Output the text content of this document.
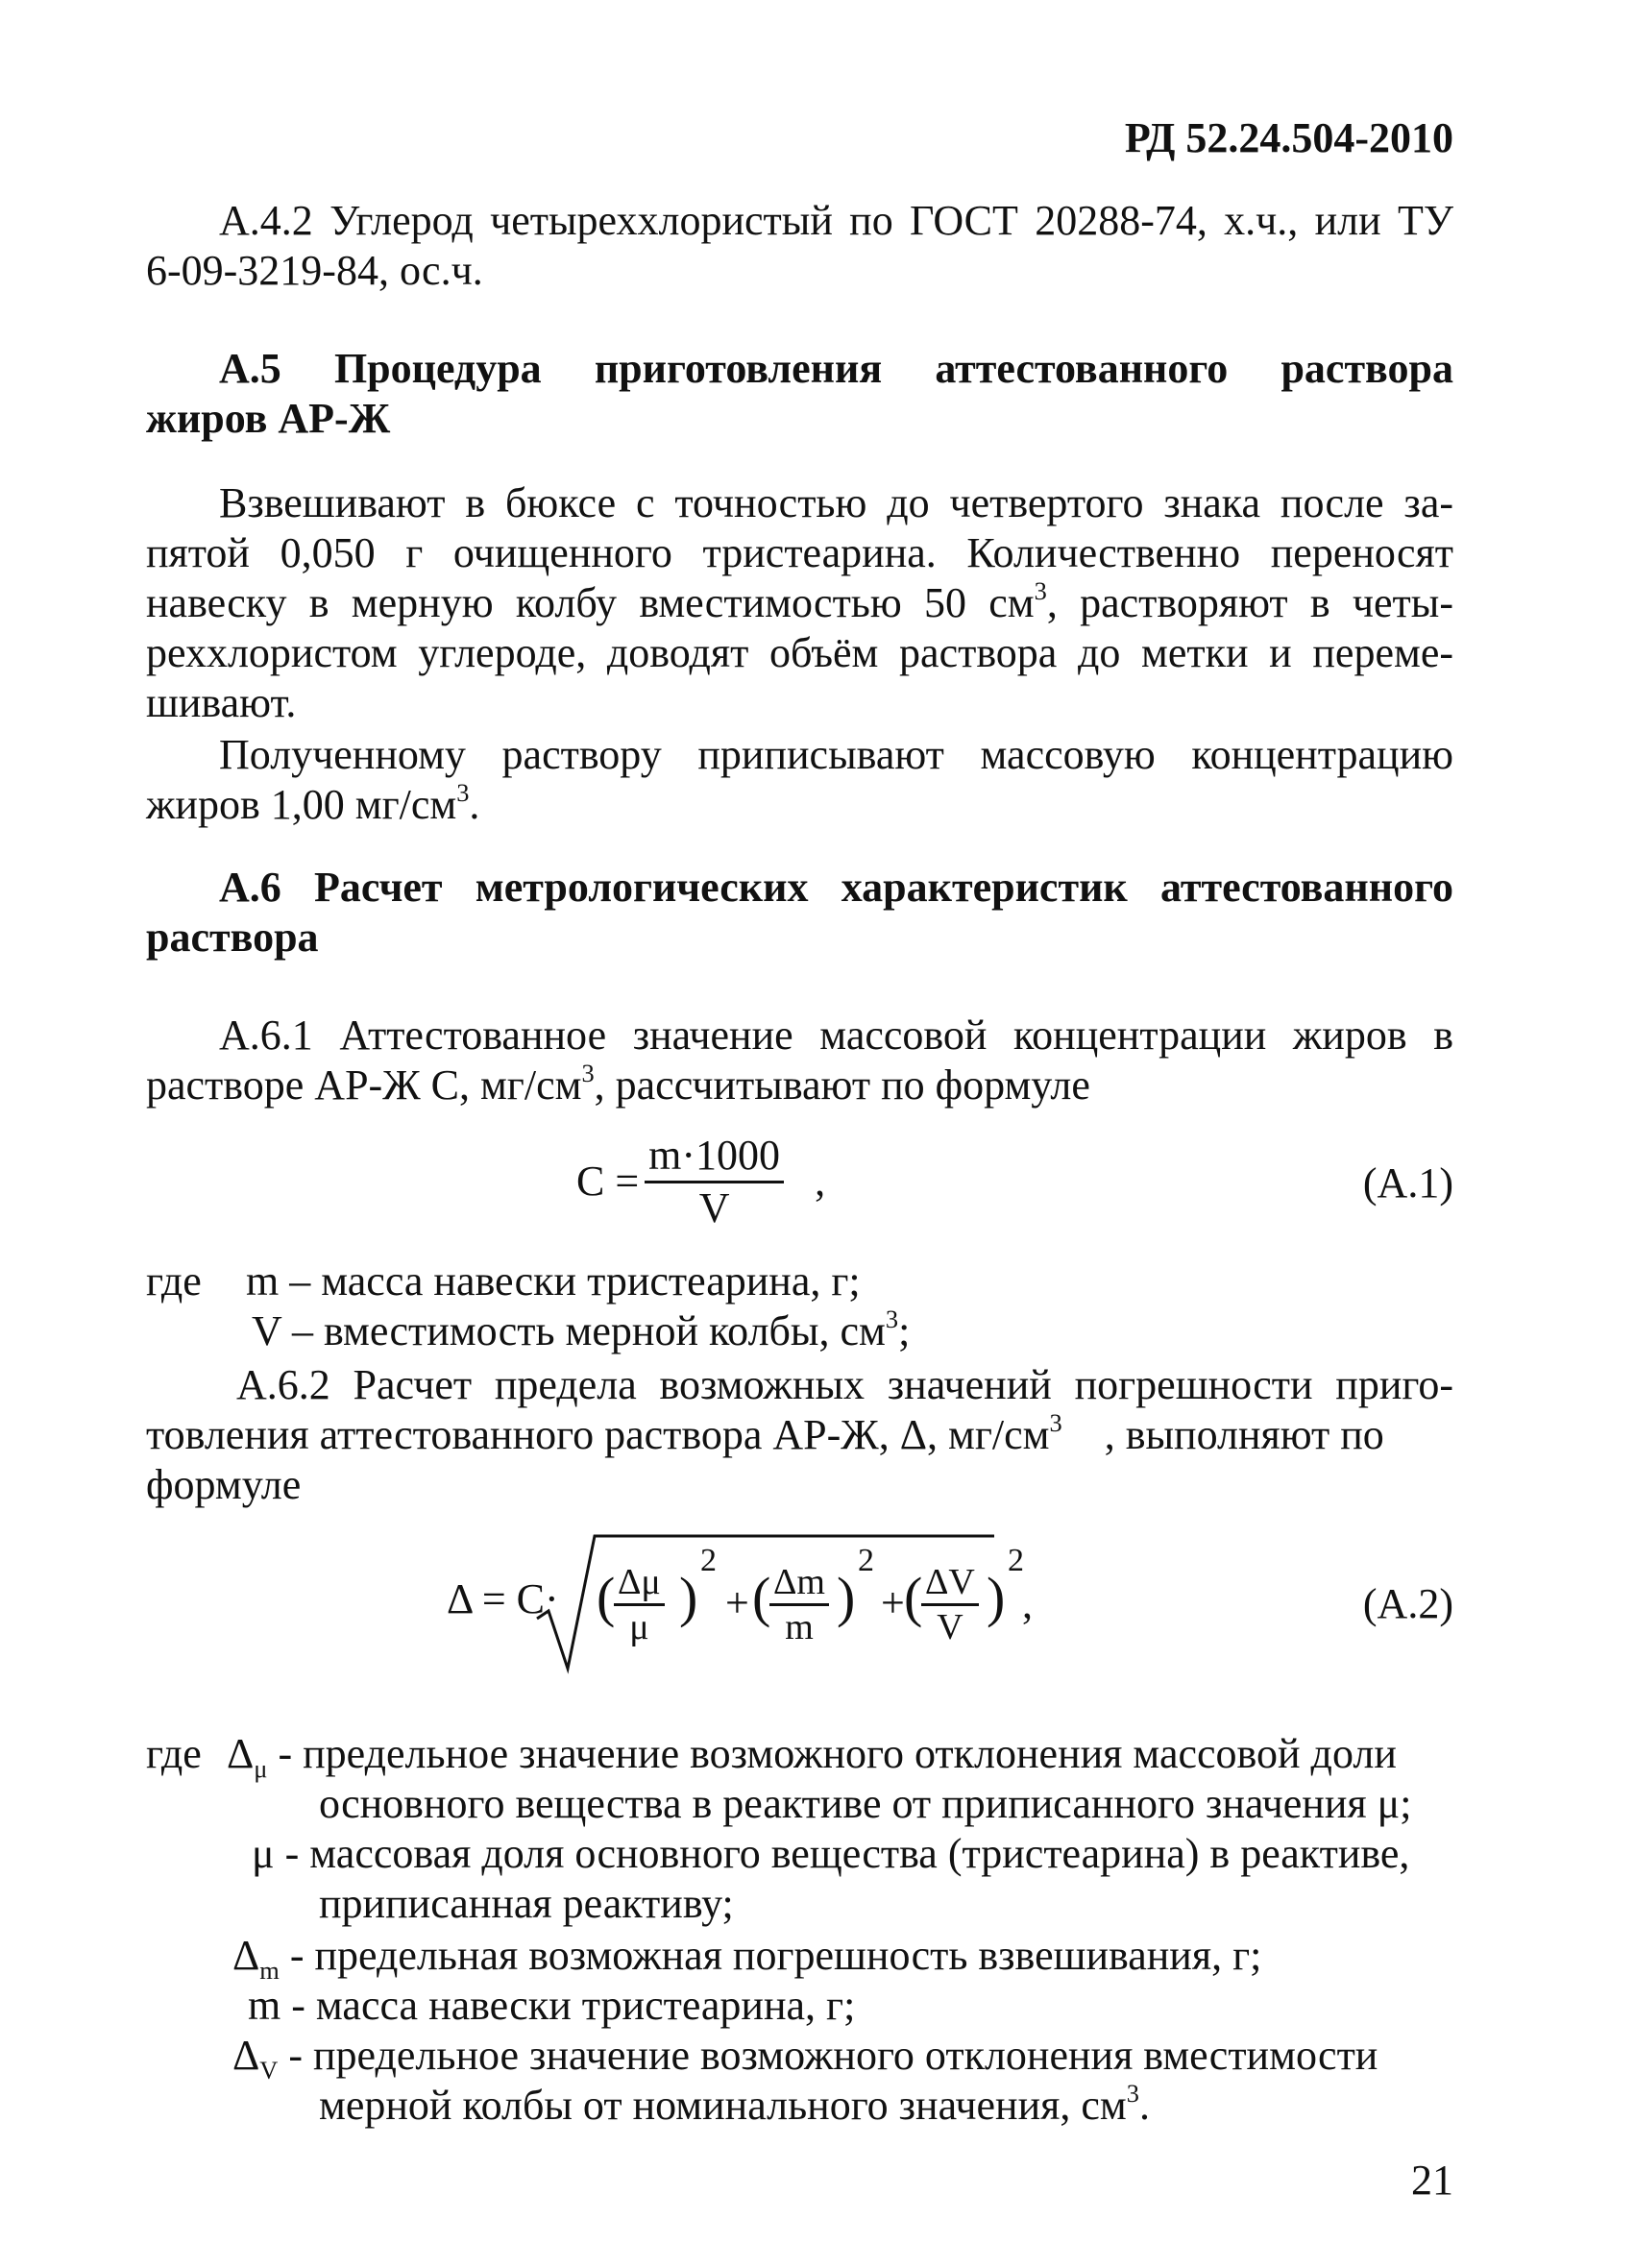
РД 52.24.504-2010
А.4.2 Углерод четыреххлористый по ГОСТ 20288-74, х.ч., или ТУ
6-09-3219-84, ос.ч.
А.5 Процедура приготовления аттестованного раствора
жиров АР-Ж
Взвешивают в бюксе с точностью до четвертого знака после за-
пятой 0,050 г очищенного тристеарина. Количественно переносят
навеску в мерную колбу вместимостью 50 $см^3$, растворяют в четы-
реххлористом углероде, доводят объём раствора до метки и переме-
шивают.
Полученному раствору приписывают массовую концентрацию
жиров 1,00 $мг/см^3$.
А.6 Расчет метрологических характеристик аттестованного
раствора
А.6.1 Аттестованное значение массовой концентрации жиров в
растворе АР-Ж С, $мг/см^3$, рассчитывают по формуле
$С = \frac{m\cdot 1000}{V}$ ,	(А.1)
где m – масса навески тристеарина, г;
V – вместимость мерной колбы, $см^3$;
А.6.2 Расчет предела возможных значений погрешности приго-
товления аттестованного раствора АР-Ж, Δ, $мг/см^3$ , выполняют по
формуле
Δ = С· (
$\frac{\Delta\mu}{\mu}$ )
2
+ (
$\frac{\Delta m}{m}$ )
2
+ (
$\frac{\Delta V}{V}$ )
2
,	(А.2)
где $\Delta_\mu$ - предельное значение возможного отклонения массовой доли
основного вещества в реактиве от приписанного значения μ;
μ - массовая доля основного вещества (тристеарина) в реактиве,
приписанная реактиву;
$\Delta_m$ - предельная возможная погрешность взвешивания, г;
m - масса навески тристеарина, г;
$\Delta_V$ - предельное значение возможного отклонения вместимости
мерной колбы от номинального значения, $см^3$.
21
